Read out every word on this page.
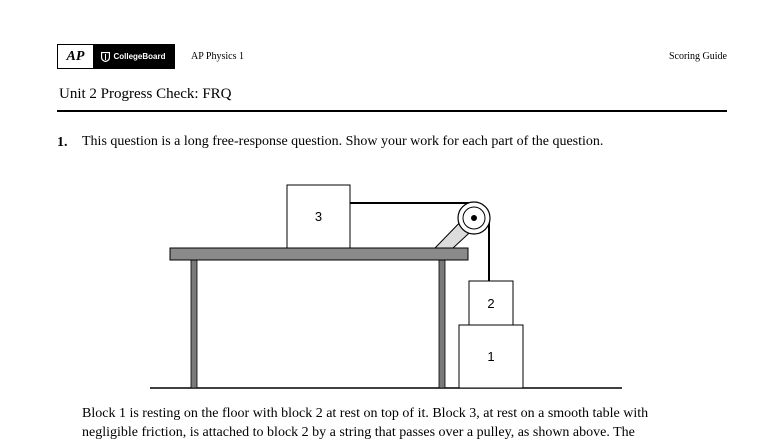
AP	CollegeBoard	AP Physics 1	Scoring Guide
Unit 2 Progress Check: FRQ
1. This question is a long free-response question. Show your work for each part of the question.
3
2
1
Block 1 is resting on the floor with block 2 at rest on top of it. Block 3, at rest on a smooth table with
negligible friction, is attached to block 2 by a string that passes over a pulley, as shown above. The
